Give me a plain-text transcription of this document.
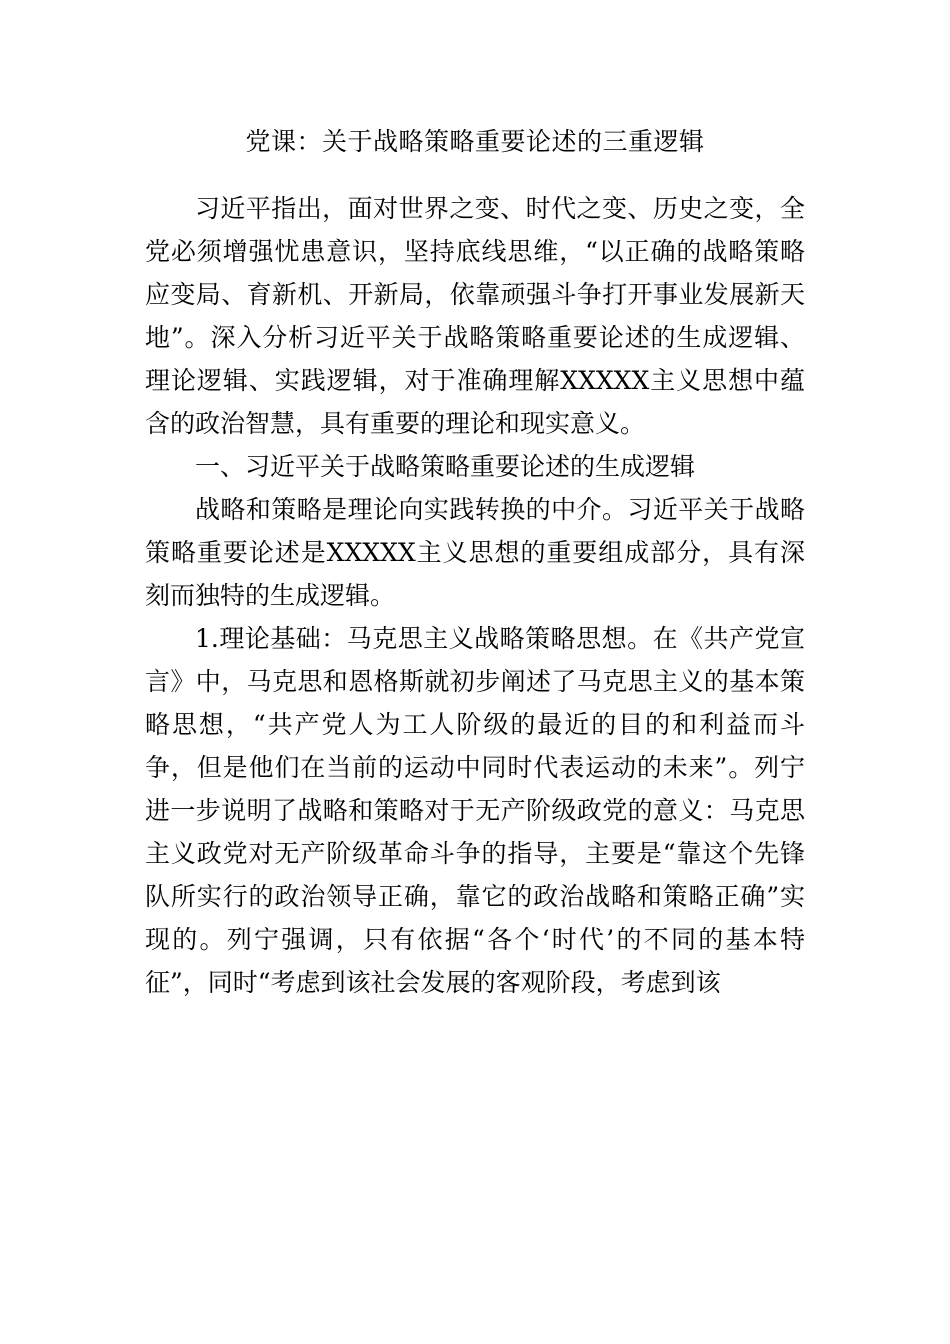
党课：关于战略策略重要论述的三重逻辑

习近平指出，面对世界之变、时代之变、历史之变，全党必须增强忧患意识，坚持底线思维，“以正确的战略策略应变局、育新机、开新局，依靠顽强斗争打开事业发展新天地”。深入分析习近平关于战略策略重要论述的生成逻辑、理论逻辑、实践逻辑，对于准确理解XXXXX主义思想中蕴含的政治智慧，具有重要的理论和现实意义。

一、习近平关于战略策略重要论述的生成逻辑

战略和策略是理论向实践转换的中介。习近平关于战略策略重要论述是XXXXX主义思想的重要组成部分，具有深刻而独特的生成逻辑。

1.理论基础：马克思主义战略策略思想。在《共产党宣言》中，马克思和恩格斯就初步阐述了马克思主义的基本策略思想，“共产党人为工人阶级的最近的目的和利益而斗争，但是他们在当前的运动中同时代表运动的未来”。列宁进一步说明了战略和策略对于无产阶级政党的意义：马克思主义政党对无产阶级革命斗争的指导，主要是“靠这个先锋队所实行的政治领导正确，靠它的政治战略和策略正确”实现的。列宁强调，只有依据“各个‘时代’的不同的基本特征”，同时“考虑到该社会发展的客观阶段，考虑到该
